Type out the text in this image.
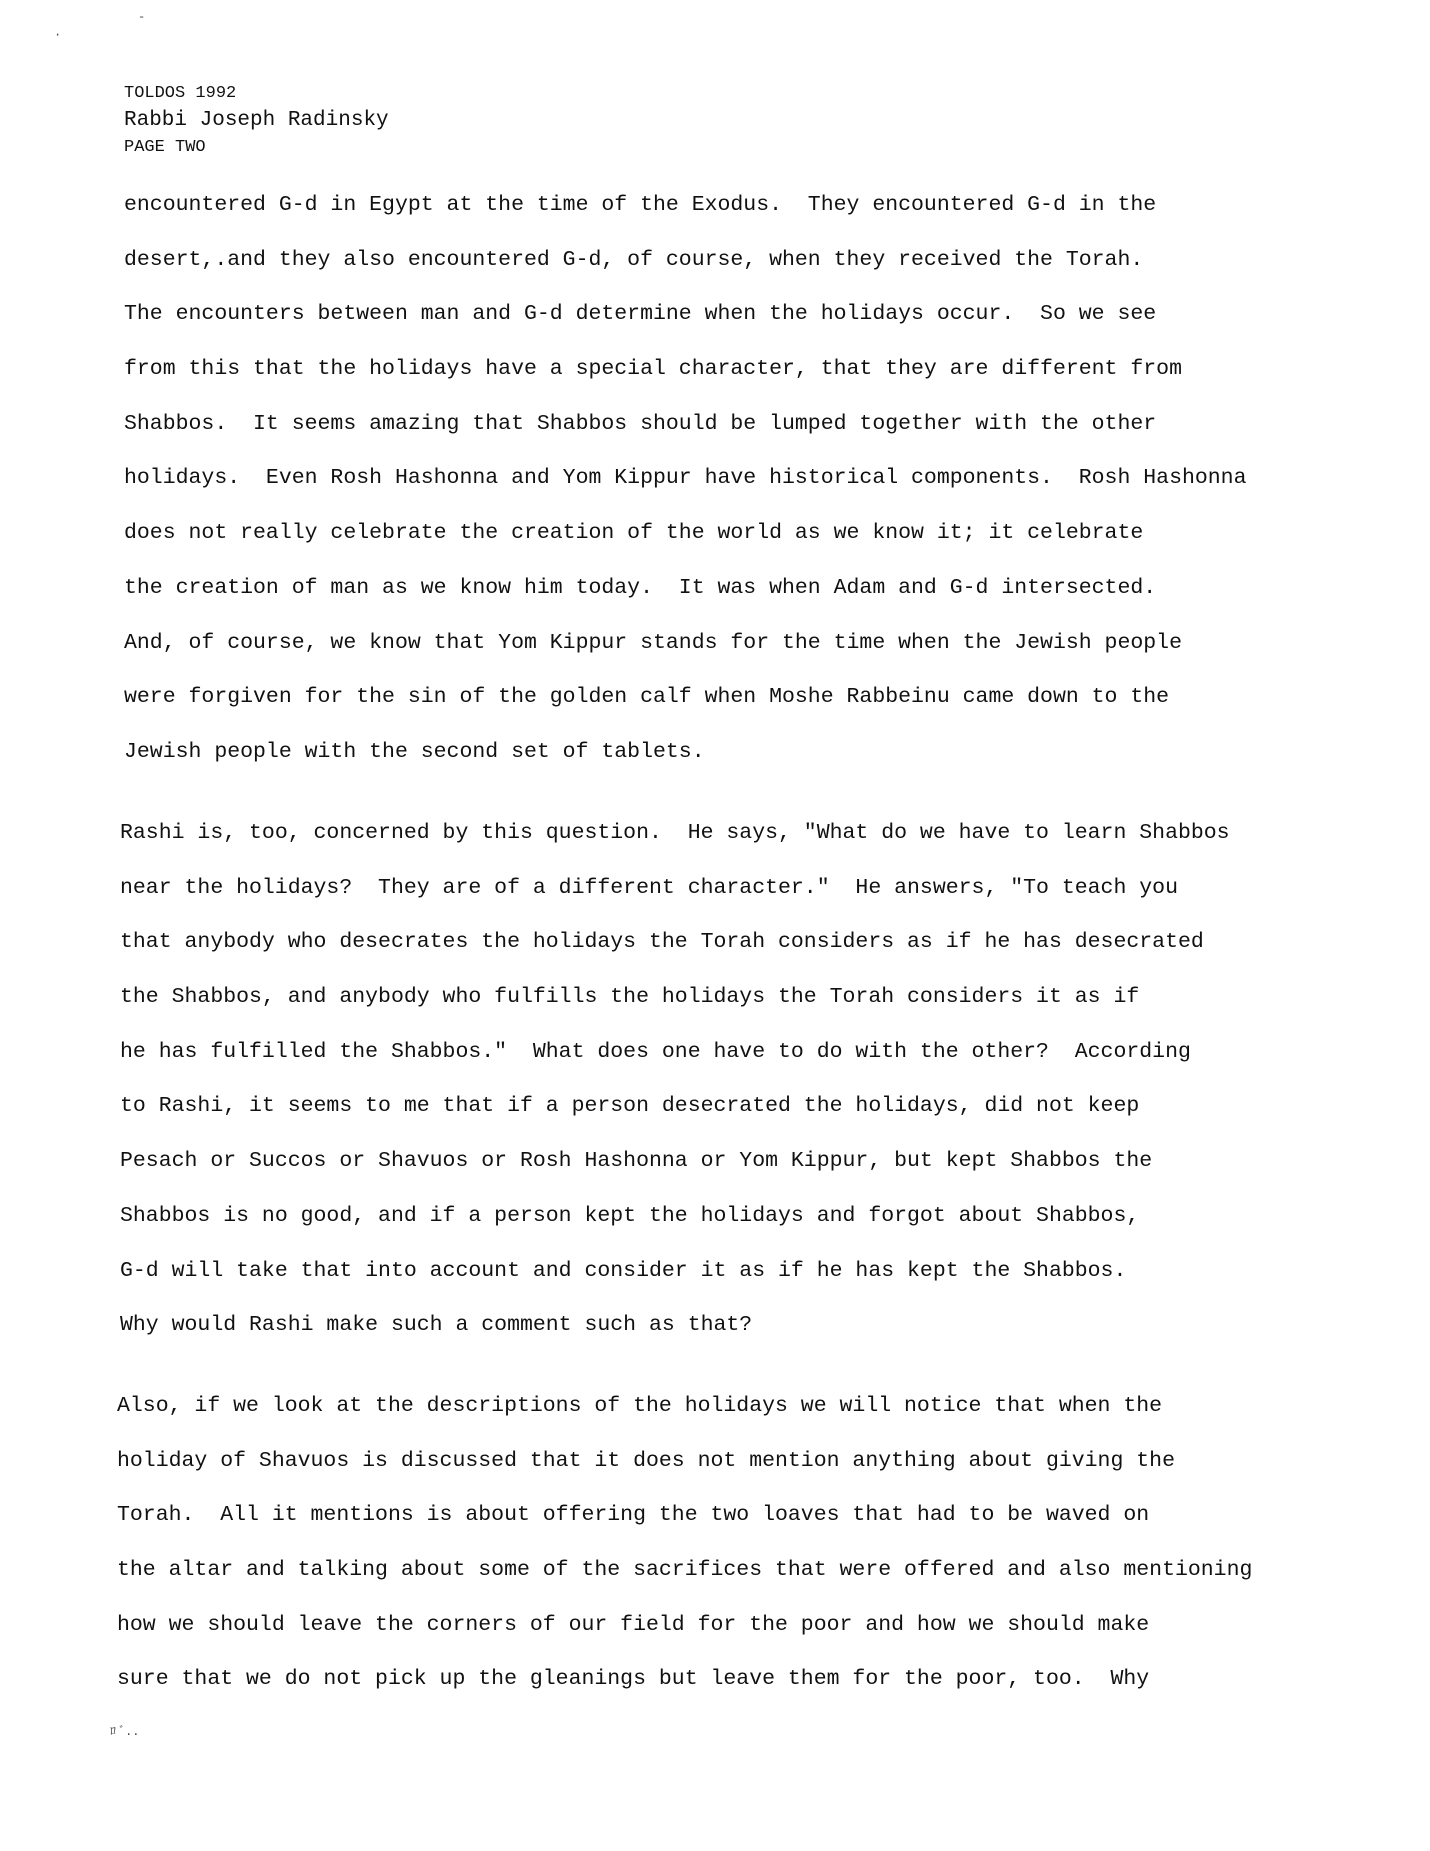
·
-
TOLDOS 1992
Rabbi Joseph Radinsky
PAGE TWO
encountered G-d in Egypt at the time of the Exodus.  They encountered G-d in the
desert,.and they also encountered G-d, of course, when they received the Torah.
The encounters between man and G-d determine when the holidays occur.  So we see
from this that the holidays have a special character, that they are different from
Shabbos.  It seems amazing that Shabbos should be lumped together with the other
holidays.  Even Rosh Hashonna and Yom Kippur have historical components.  Rosh Hashonna
does not really celebrate the creation of the world as we know it; it celebrate
the creation of man as we know him today.  It was when Adam and G-d intersected.
And, of course, we know that Yom Kippur stands for the time when the Jewish people
were forgiven for the sin of the golden calf when Moshe Rabbeinu came down to the
Jewish people with the second set of tablets.
Rashi is, too, concerned by this question.  He says, "What do we have to learn Shabbos
near the holidays?  They are of a different character."  He answers, "To teach you
that anybody who desecrates the holidays the Torah considers as if he has desecrated
the Shabbos, and anybody who fulfills the holidays the Torah considers it as if
he has fulfilled the Shabbos."  What does one have to do with the other?  According
to Rashi, it seems to me that if a person desecrated the holidays, did not keep
Pesach or Succos or Shavuos or Rosh Hashonna or Yom Kippur, but kept Shabbos the
Shabbos is no good, and if a person kept the holidays and forgot about Shabbos,
G-d will take that into account and consider it as if he has kept the Shabbos.
Why would Rashi make such a comment such as that?
Also, if we look at the descriptions of the holidays we will notice that when the
holiday of Shavuos is discussed that it does not mention anything about giving the
Torah.  All it mentions is about offering the two loaves that had to be waved on
the altar and talking about some of the sacrifices that were offered and also mentioning
how we should leave the corners of our field for the poor and how we should make
sure that we do not pick up the gleanings but leave them for the poor, too.  Why
ﾛ ﾞ..
